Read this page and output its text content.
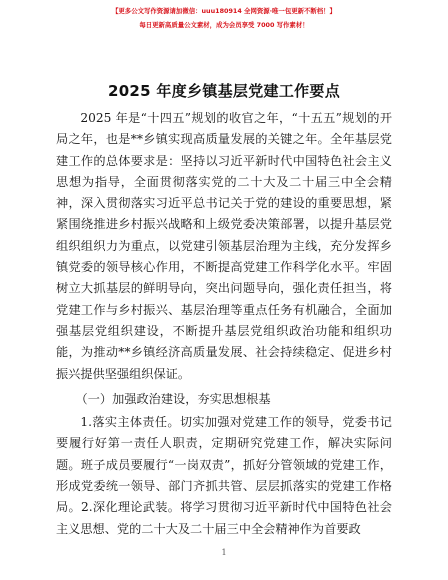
【更多公文写作资源请加微信：uuu180914 全网资源·唯一包更新不断档！】
每日更新高质量公文素材，成为会员享受 7000 写作素材！
2025 年度乡镇基层党建工作要点

2025 年是“十四五”规划的收官之年，“十五五”规划的开局之年，也是**乡镇实现高质量发展的关键之年。全年基层党建工作的总体要求是：坚持以习近平新时代中国特色社会主义思想为指导，全面贯彻落实党的二十大及二十届三中全会精神，深入贯彻落实习近平总书记关于党的建设的重要思想，紧紧围绕推进乡村振兴战略和上级党委决策部署，以提升基层党组织组织力为重点，以党建引领基层治理为主线，充分发挥乡镇党委的领导核心作用，不断提高党建工作科学化水平。牢固树立大抓基层的鲜明导向，突出问题导向，强化责任担当，将党建工作与乡村振兴、基层治理等重点任务有机融合，全面加强基层党组织建设，不断提升基层党组织政治功能和组织功能，为推动**乡镇经济高质量发展、社会持续稳定、促进乡村振兴提供坚强组织保证。

（一）加强政治建设，夯实思想根基

1.落实主体责任。切实加强对党建工作的领导，党委书记要履行好第一责任人职责，定期研究党建工作，解决实际问题。班子成员要履行“一岗双责”，抓好分管领域的党建工作，形成党委统一领导、部门齐抓共管、层层抓落实的党建工作格局。2.深化理论武装。将学习贯彻习近平新时代中国特色社会主义思想、党的二十大及二十届三中全会精神作为首要政

1
